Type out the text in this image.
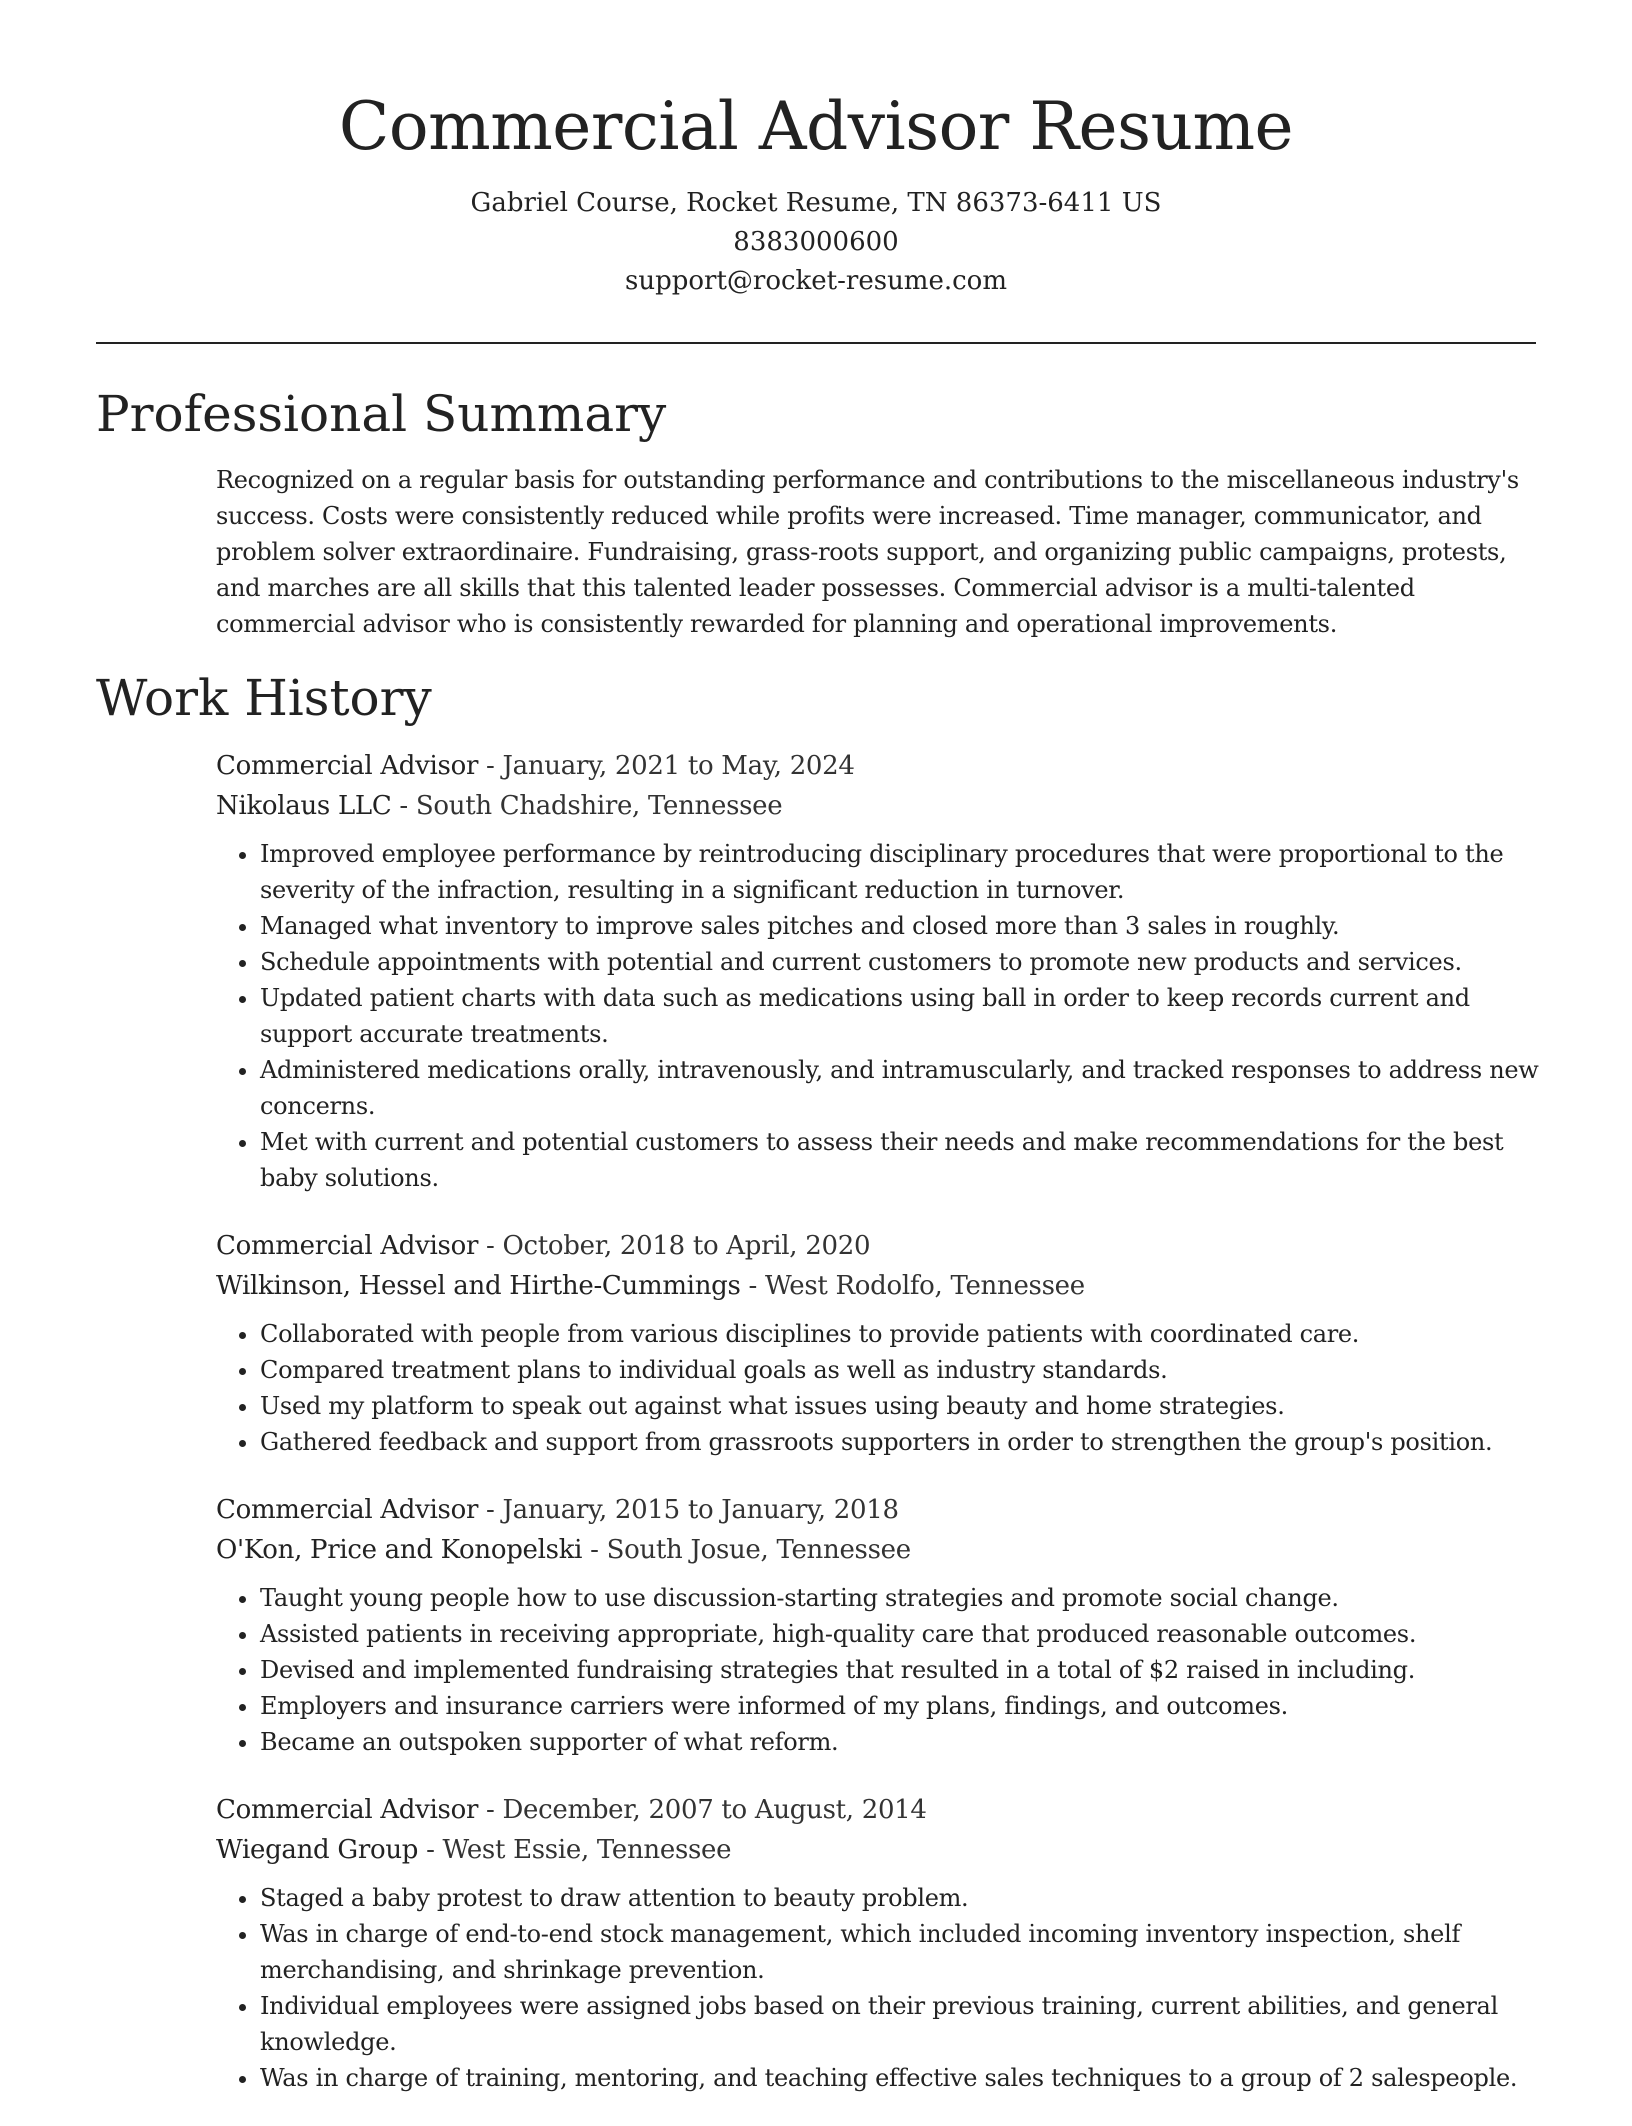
Commercial Advisor Resume

Gabriel Course, Rocket Resume, TN 86373-6411 US

8383000600

support@rocket-resume.com

Professional Summary

Recognized on a regular basis for outstanding performance and contributions to the miscellaneous industry's success. Costs were consistently reduced while profits were increased. Time manager, communicator, and problem solver extraordinaire. Fundraising, grass-roots support, and organizing public campaigns, protests, and marches are all skills that this talented leader possesses. Commercial advisor is a multi-talented commercial advisor who is consistently rewarded for planning and operational improvements.

Work History

Commercial Advisor - January, 2021 to May, 2024

Nikolaus LLC - South Chadshire, Tennessee

• Improved employee performance by reintroducing disciplinary procedures that were proportional to the severity of the infraction, resulting in a significant reduction in turnover.
• Managed what inventory to improve sales pitches and closed more than 3 sales in roughly.
• Schedule appointments with potential and current customers to promote new products and services.
• Updated patient charts with data such as medications using ball in order to keep records current and support accurate treatments.
• Administered medications orally, intravenously, and intramuscularly, and tracked responses to address new concerns.
• Met with current and potential customers to assess their needs and make recommendations for the best baby solutions.

Commercial Advisor - October, 2018 to April, 2020

Wilkinson, Hessel and Hirthe-Cummings - West Rodolfo, Tennessee

• Collaborated with people from various disciplines to provide patients with coordinated care.
• Compared treatment plans to individual goals as well as industry standards.
• Used my platform to speak out against what issues using beauty and home strategies.
• Gathered feedback and support from grassroots supporters in order to strengthen the group's position.

Commercial Advisor - January, 2015 to January, 2018

O'Kon, Price and Konopelski - South Josue, Tennessee

• Taught young people how to use discussion-starting strategies and promote social change.
• Assisted patients in receiving appropriate, high-quality care that produced reasonable outcomes.
• Devised and implemented fundraising strategies that resulted in a total of $2 raised in including.
• Employers and insurance carriers were informed of my plans, findings, and outcomes.
• Became an outspoken supporter of what reform.

Commercial Advisor - December, 2007 to August, 2014

Wiegand Group - West Essie, Tennessee

• Staged a baby protest to draw attention to beauty problem.
• Was in charge of end-to-end stock management, which included incoming inventory inspection, shelf merchandising, and shrinkage prevention.
• Individual employees were assigned jobs based on their previous training, current abilities, and general knowledge.
• Was in charge of training, mentoring, and teaching effective sales techniques to a group of 2 salespeople.
